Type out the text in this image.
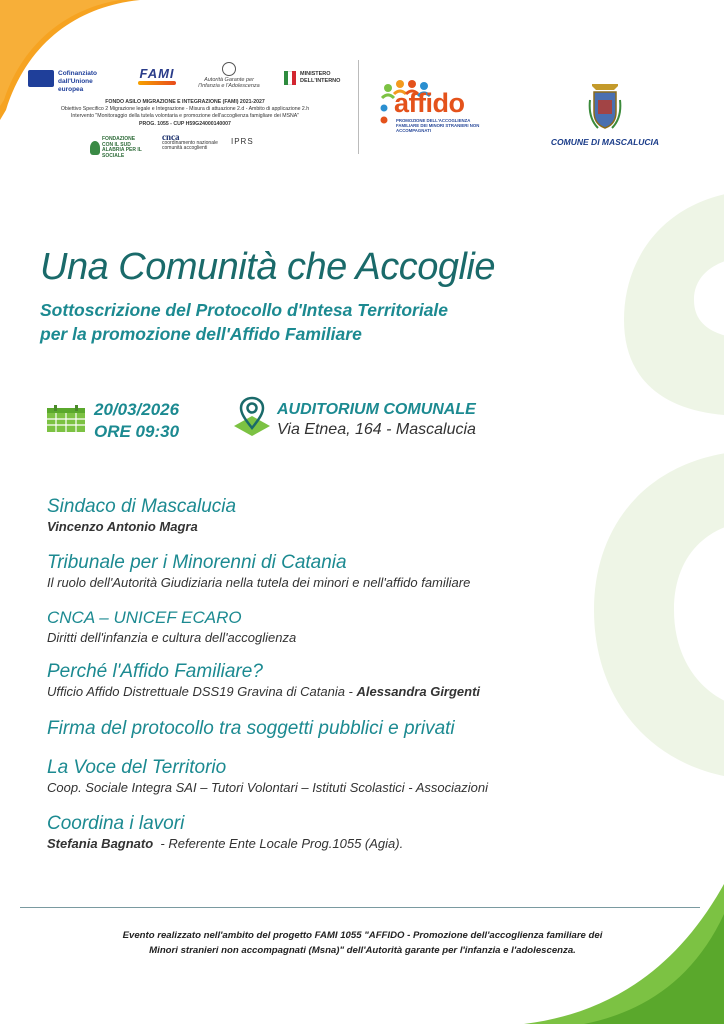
Cofinanziato dall'Unione europea
FAMI	Autorità Garante per l'Infanzia e l'Adolescenza
MINISTERO DELL'INTERNO
FONDO ASILO MIGRAZIONE E INTEGRAZIONE (FAMI) 2021-2027
Obiettivo Specifico 2 Migrazione legale e Integrazione - Misura di attuazione 2.d - Ambito di applicazione 2.h
Intervento "Monitoraggio della tutela volontaria e promozione dell'accoglienza famigliare dei MSNA"
PROG. 1055 - CUP H59G24000140007
FONDAZIONE CON IL SUD ALABRIA PER IL SOCIALE
cnca
coordinamento nazionale comunità accoglienti
IPRS
affido
PROMOZIONE DELL'ACCOGLIENZA FAMILIARE DEI MINORI STRANIERI NON ACCOMPAGNATI
COMUNE DI MASCALUCIA
Una Comunità che Accoglie
Sottoscrizione del Protocollo d'Intesa Territoriale
per la promozione dell'Affido Familiare
20/03/2026
ORE 09:30
AUDITORIUM COMUNALE
Via Etnea, 164 - Mascalucia
Sindaco di Mascalucia
Vincenzo Antonio Magra
Tribunale per i Minorenni di Catania
Il ruolo dell'Autorità Giudiziaria nella tutela dei minori e nell'affido familiare
CNCA – UNICEF ECARO
Diritti dell'infanzia e cultura dell'accoglienza
Perché l'Affido Familiare?
Ufficio Affido Distrettuale DSS19 Gravina di Catania - Alessandra Girgenti
Firma del protocollo tra soggetti pubblici e privati
La Voce del Territorio
Coop. Sociale Integra SAI – Tutori Volontari – Istituti Scolastici - Associazioni
Coordina i lavori
Stefania Bagnato  - Referente Ente Locale Prog.1055 (Agia).
Evento realizzato nell'ambito del progetto FAMI 1055 "AFFIDO - Promozione dell'accoglienza familiare dei
Minori stranieri non accompagnati (Msna)" dell'Autorità garante per l'infanzia e l'adolescenza.
